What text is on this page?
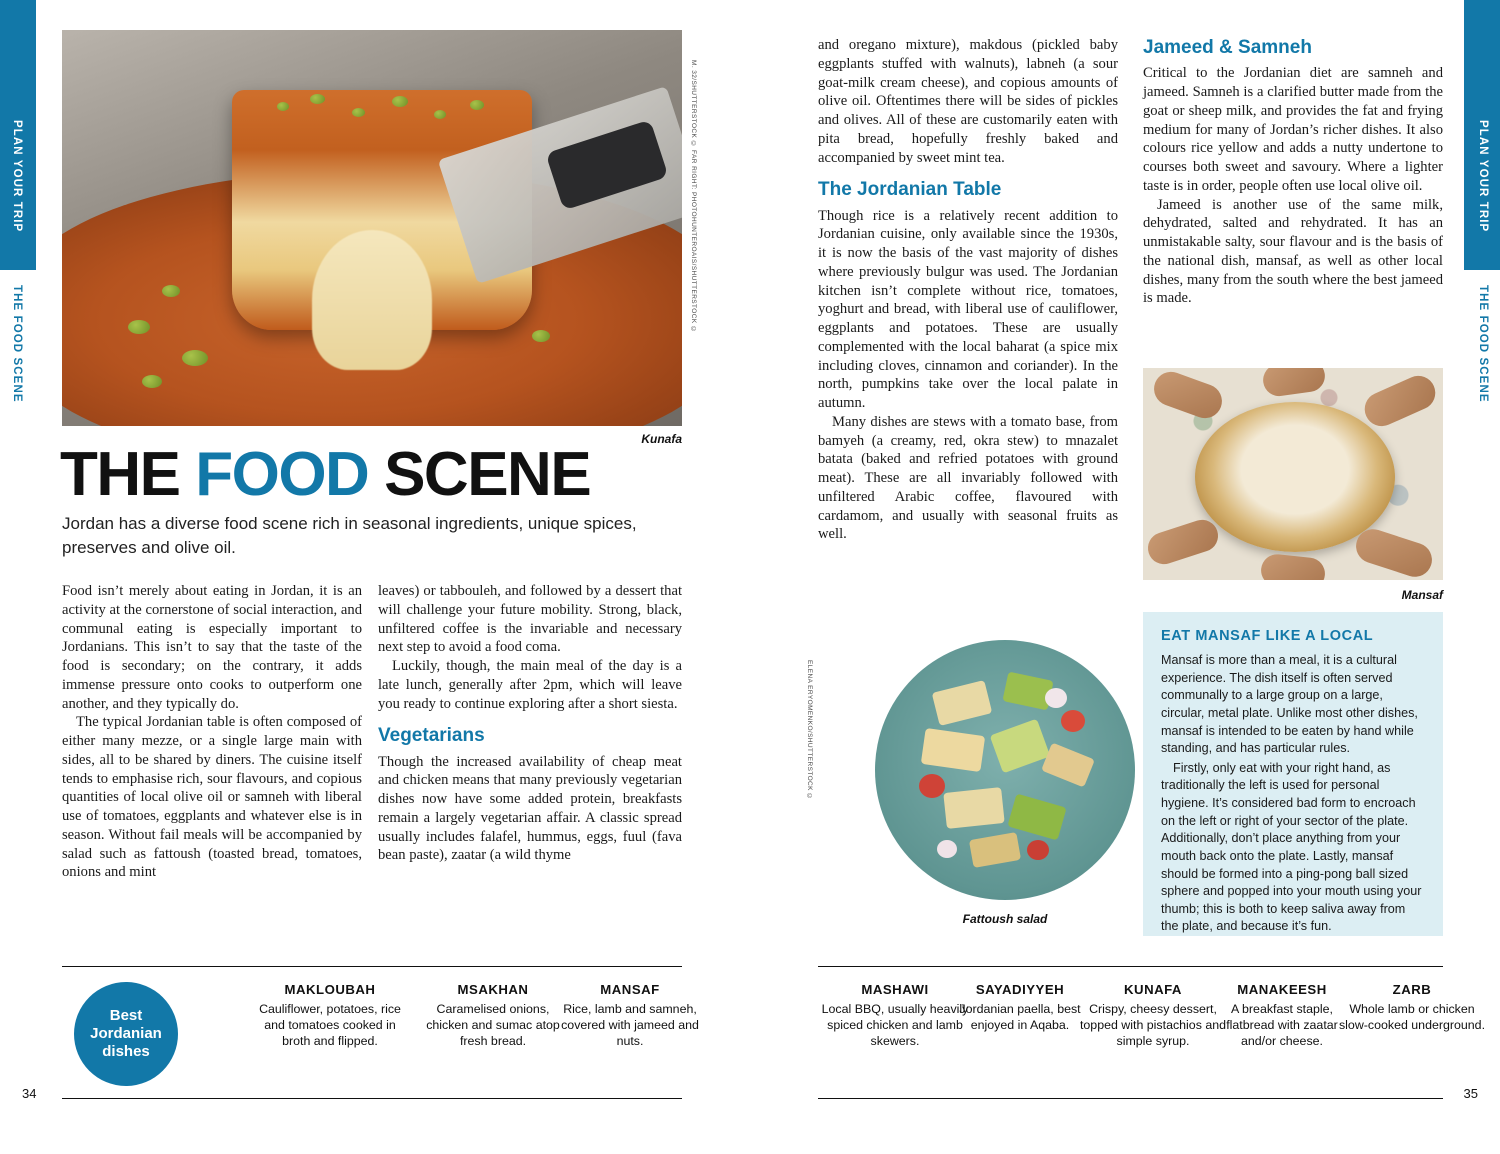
PLAN YOUR TRIP
THE FOOD SCENE
M. 32/SHUTTERSTOCK © FAR RIGHT: PHOTOHUNTEROAIS/SHUTTERSTOCK ©
Kunafa
THE FOOD SCENE
Jordan has a diverse food scene rich in seasonal ingredients, unique spices, preserves and olive oil.

Food isn’t merely about eating in Jordan, it is an activity at the cornerstone of social interaction, and communal eating is especially important to Jordanians. This isn’t to say that the taste of the food is secondary; on the contrary, it adds immense pressure onto cooks to outperform one another, and they typically do.

The typical Jordanian table is often composed of either many mezze, or a single large main with sides, all to be shared by diners. The cuisine itself tends to emphasise rich, sour flavours, and copious quantities of local olive oil or samneh with liberal use of tomatoes, eggplants and whatever else is in season. Without fail meals will be accompanied by salad such as fattoush (toasted bread, tomatoes, onions and mint

leaves) or tabbouleh, and followed by a dessert that will challenge your future mobility. Strong, black, unfiltered coffee is the invariable and necessary next step to avoid a food coma.

Luckily, though, the main meal of the day is a late lunch, generally after 2pm, which will leave you ready to continue exploring after a short siesta.

Vegetarians

Though the increased availability of cheap meat and chicken means that many previously vegetarian dishes now have some added protein, breakfasts remain a largely vegetarian affair. A classic spread usually includes falafel, hummus, eggs, fuul (fava bean paste), zaatar (a wild thyme

Best Jordanian dishes
MAKLOUBAH
Cauliflower, potatoes, rice and tomatoes cooked in broth and flipped.
MSAKHAN
Caramelised onions, chicken and sumac atop fresh bread.
MANSAF
Rice, lamb and samneh, covered with jameed and nuts.
34
PLAN YOUR TRIP
THE FOOD SCENE

and oregano mixture), makdous (pickled baby eggplants stuffed with walnuts), labneh (a sour goat-milk cream cheese), and copious amounts of olive oil. Oftentimes there will be sides of pickles and olives. All of these are customarily eaten with pita bread, hopefully freshly baked and accompanied by sweet mint tea.

The Jordanian Table

Though rice is a relatively recent addition to Jordanian cuisine, only available since the 1930s, it is now the basis of the vast majority of dishes where previously bulgur was used. The Jordanian kitchen isn’t complete without rice, tomatoes, yoghurt and bread, with liberal use of cauliflower, eggplants and potatoes. These are usually complemented with the local baharat (a spice mix including cloves, cinnamon and coriander). In the north, pumpkins take over the local palate in autumn.

Many dishes are stews with a tomato base, from bamyeh (a creamy, red, okra stew) to mnazalet batata (baked and refried potatoes with ground meat). These are all invariably followed with unfiltered Arabic coffee, flavoured with cardamom, and usually with seasonal fruits as well.

Jameed & Samneh

Critical to the Jordanian diet are samneh and jameed. Samneh is a clarified butter made from the goat or sheep milk, and provides the fat and frying medium for many of Jordan’s richer dishes. It also colours rice yellow and adds a nutty undertone to courses both sweet and savoury. Where a lighter taste is in order, people often use local olive oil.

Jameed is another use of the same milk, dehydrated, salted and rehydrated. It has an unmistakable salty, sour flavour and is the basis of the national dish, mansaf, as well as other local dishes, many from the south where the best jameed is made.

Mansaf
EAT MANSAF LIKE A LOCAL

Mansaf is more than a meal, it is a cultural experience. The dish itself is often served communally to a large group on a large, circular, metal plate. Unlike most other dishes, mansaf is intended to be eaten by hand while standing, and has particular rules.

Firstly, only eat with your right hand, as traditionally the left is used for personal hygiene. It’s considered bad form to encroach on the left or right of your sector of the plate. Additionally, don’t place anything from your mouth back onto the plate. Lastly, mansaf should be formed into a ping-pong ball sized sphere and popped into your mouth using your thumb; this is both to keep saliva away from the plate, and because it’s fun.

ELENA ERYOMENKO/SHUTTERSTOCK ©
Fattoush salad
MASHAWI
Local BBQ, usually heavily spiced chicken and lamb skewers.
SAYADIYYEH
Jordanian paella, best enjoyed in Aqaba.
KUNAFA
Crispy, cheesy dessert, topped with pistachios and simple syrup.
MANAKEESH
A breakfast staple, flatbread with zaatar and/or cheese.
ZARB
Whole lamb or chicken slow-cooked underground.
35
